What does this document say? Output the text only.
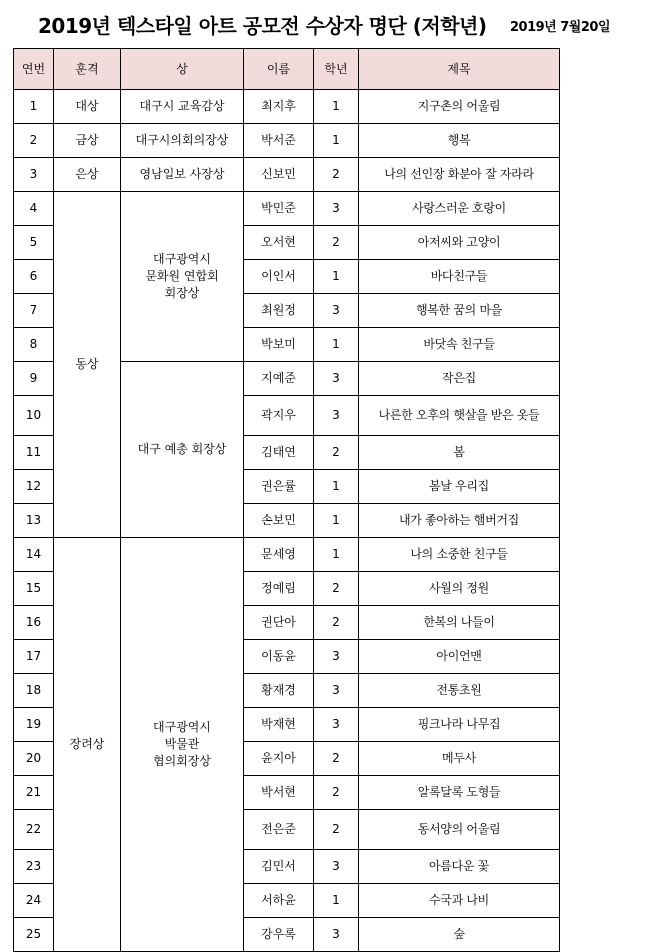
2019년 텍스타일 아트 공모전 수상자 명단 (저학년) 2019년 7월20일
연번	훈격	상	이름	학년	제목
1	대상	대구시 교육감상	최지후	1	지구촌의 어울림
2	금상	대구시의회의장상	박서준	1	행복
3	은상	영남일보 사장상	신보민	2	나의 선인장 화분아 잘 자라라
4	동상	대구광역시
문화원 연합회
회장상	박민준	3	사랑스러운 호랑이
5			오서현	2	아저씨와 고양이
6			이인서	1	바다친구들
7			최원정	3	행복한 꿈의 마을
8			박보미	1	바닷속 친구들
9		대구 예총 회장상	지예준	3	작은집
10			곽지우	3	나른한 오후의 햇살을 받은 옷들
11			김태연	2	봄
12			권은률	1	봄날 우리집
13			손보민	1	내가 좋아하는 햄버거집
14	장려상	대구광역시
박물관
협의회장상	문세영	1	나의 소중한 친구들
15			정예림	2	사월의 정원
16			권단아	2	한복의 나들이
17			이동윤	3	아이언맨
18			황재경	3	전통초원
19			박재현	3	핑크나라 나무집
20			윤지아	2	메두사
21			박서현	2	알록달록 도형들
22			전은준	2	동서양의 어울림
23			김민서	3	아름다운 꽃
24			서하윤	1	수국과 나비
25			강우록	3	숲
